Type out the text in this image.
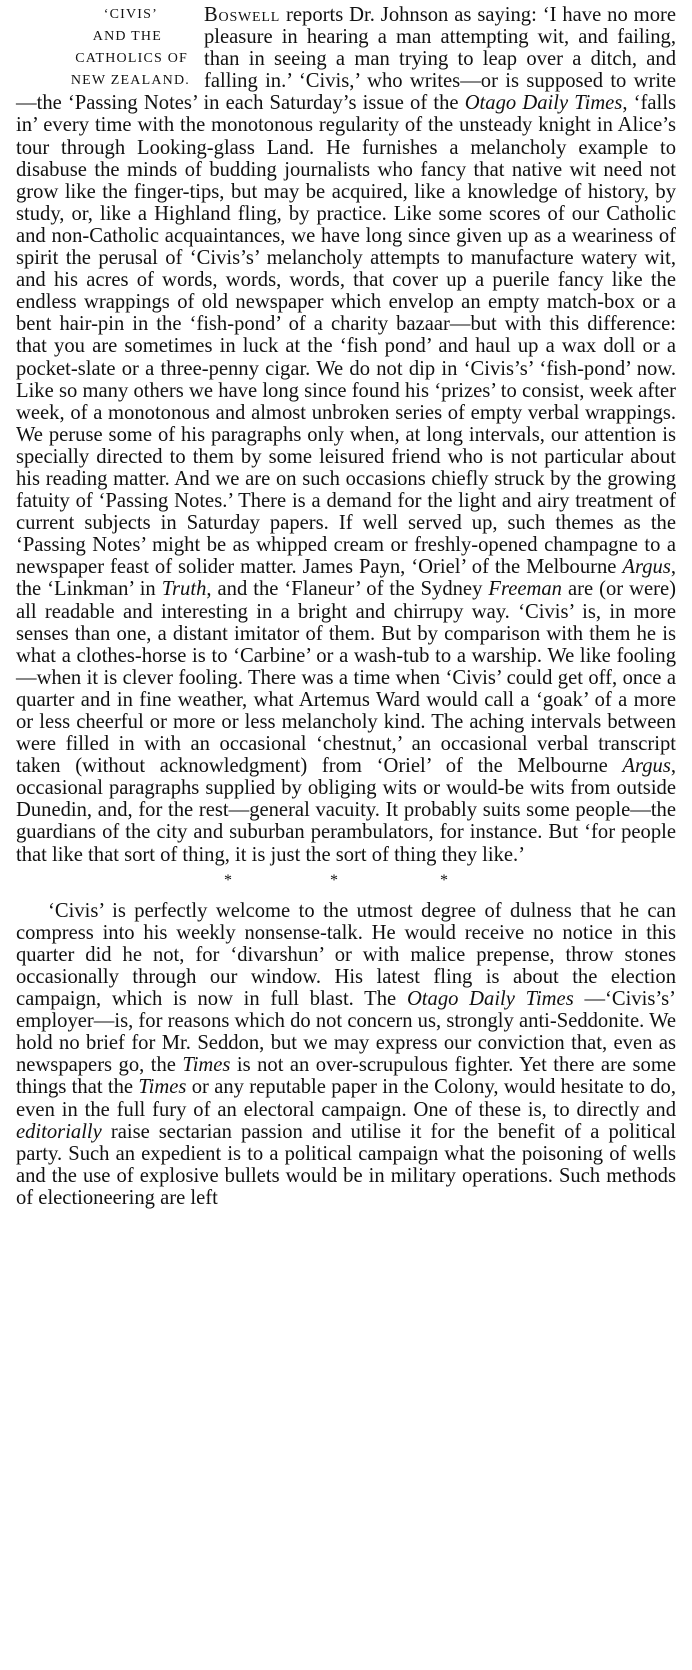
‘CIVIS’
AND THE
CATHOLICS OF
NEW ZEALAND.

Boswell reports Dr. Johnson as saying: ‘I have no more pleasure in hearing a man attempting wit, and failing, than in seeing a man trying to leap over a ditch, and falling in.’ ‘Civis,’ who writes—or is supposed to write—the ‘Passing Notes’ in each Saturday’s issue of the Otago Daily Times, ‘falls in’ every time with the monotonous regularity of the unsteady knight in Alice’s tour through Looking-glass Land. He furnishes a melancholy example to disabuse the minds of budding journalists who fancy that native wit need not grow like the finger-tips, but may be acquired, like a knowledge of history, by study, or, like a Highland fling, by practice. Like some scores of our Catholic and non-Catholic acquaintances, we have long since given up as a weariness of spirit the perusal of ‘Civis’s’ melancholy attempts to manufacture watery wit, and his acres of words, words, words, that cover up a puerile fancy like the endless wrappings of old newspaper which envelop an empty match-box or a bent hair-pin in the ‘fish-pond’ of a charity bazaar—but with this difference: that you are sometimes in luck at the ‘fish pond’ and haul up a wax doll or a pocket-slate or a three-penny cigar. We do not dip in ‘Civis’s’ ‘fish-pond’ now. Like so many others we have long since found his ‘prizes’ to consist, week after week, of a monotonous and almost unbroken series of empty verbal wrappings. We peruse some of his paragraphs only when, at long intervals, our attention is specially directed to them by some leisured friend who is not particular about his reading matter. And we are on such occasions chiefly struck by the growing fatuity of ‘Passing Notes.’ There is a demand for the light and airy treatment of current subjects in Saturday papers. If well served up, such themes as the ‘Passing Notes’ might be as whipped cream or freshly-opened champagne to a newspaper feast of solider matter. James Payn, ‘Oriel’ of the Melbourne Argus, the ‘Linkman’ in Truth, and the ‘Flaneur’ of the Sydney Freeman are (or were) all readable and interesting in a bright and chirrupy way. ‘Civis’ is, in more senses than one, a distant imitator of them. But by comparison with them he is what a clothes-horse is to ‘Carbine’ or a wash-tub to a warship. We like fooling—when it is clever fooling. There was a time when ‘Civis’ could get off, once a quarter and in fine weather, what Artemus Ward would call a ‘goak’ of a more or less cheerful or more or less melancholy kind. The aching intervals between were filled in with an occasional ‘chestnut,’ an occasional verbal transcript taken (without acknowledgment) from ‘Oriel’ of the Melbourne Argus, occasional paragraphs supplied by obliging wits or would-be wits from outside Dunedin, and, for the rest—general vacuity. It probably suits some people—the guardians of the city and suburban perambulators, for instance. But ‘for people that like that sort of thing, it is just the sort of thing they like.’

*	*	*

‘Civis’ is perfectly welcome to the utmost degree of dulness that he can compress into his weekly nonsense-talk. He would receive no notice in this quarter did he not, for ‘divarshun’ or with malice prepense, throw stones occasionally through our window. His latest fling is about the election campaign, which is now in full blast. The Otago Daily Times —‘Civis’s’ employer—is, for reasons which do not concern us, strongly anti-Seddonite. We hold no brief for Mr. Seddon, but we may express our conviction that, even as newspapers go, the Times is not an over-scrupulous fighter. Yet there are some things that the Times or any reputable paper in the Colony, would hesitate to do, even in the full fury of an electoral campaign. One of these is, to directly and editorially raise sectarian passion and utilise it for the benefit of a political party. Such an expedient is to a political campaign what the poisoning of wells and the use of explosive bullets would be in military operations. Such methods of electioneering are left
